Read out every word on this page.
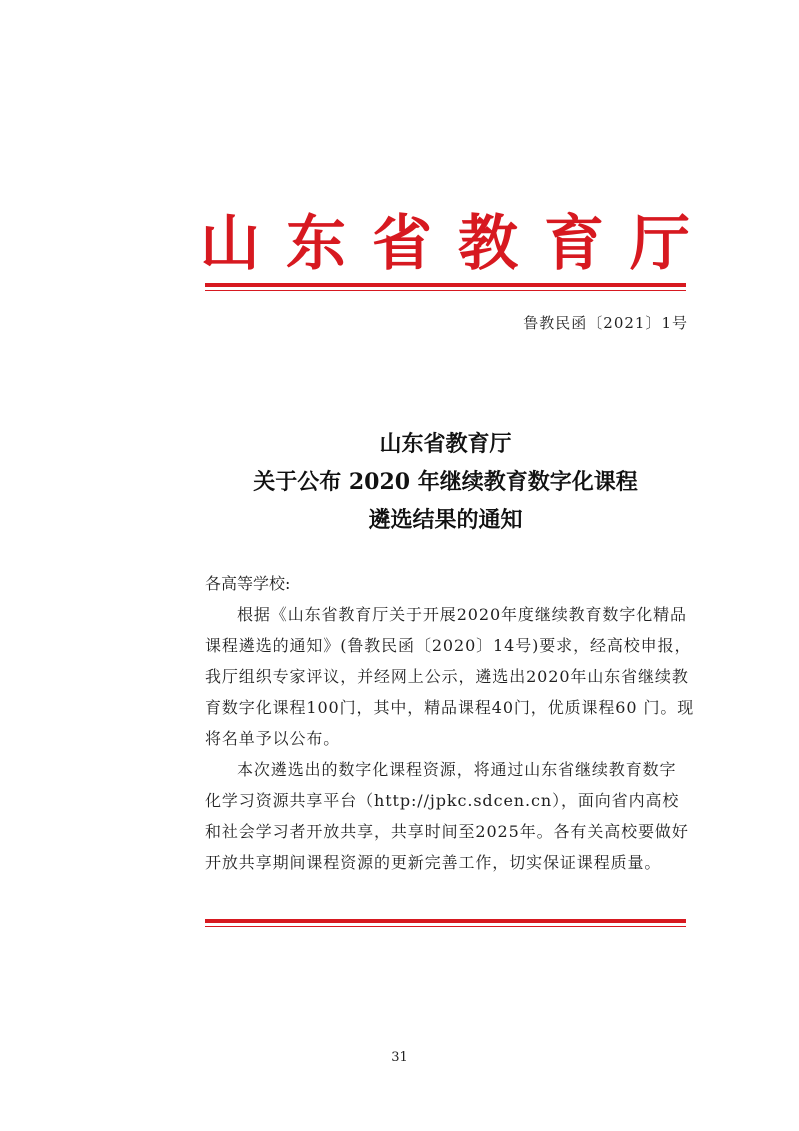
山 东 省 教 育 厅
鲁教民函〔2021〕1号
山东省教育厅
关于公布 2020 年继续教育数字化课程
遴选结果的通知

各高等学校:

根据《山东省教育厅关于开展2020年度继续教育数字化精品

课程遴选的通知》(鲁教民函〔2020〕14号)要求，经高校申报，

我厅组织专家评议，并经网上公示，遴选出2020年山东省继续教

育数字化课程100门，其中，精品课程40门，优质课程60 门。现

将名单予以公布。

本次遴选出的数字化课程资源，将通过山东省继续教育数字

化学习资源共享平台（http://jpkc.sdcen.cn），面向省内高校

和社会学习者开放共享，共享时间至2025年。各有关高校要做好

开放共享期间课程资源的更新完善工作，切实保证课程质量。

31
